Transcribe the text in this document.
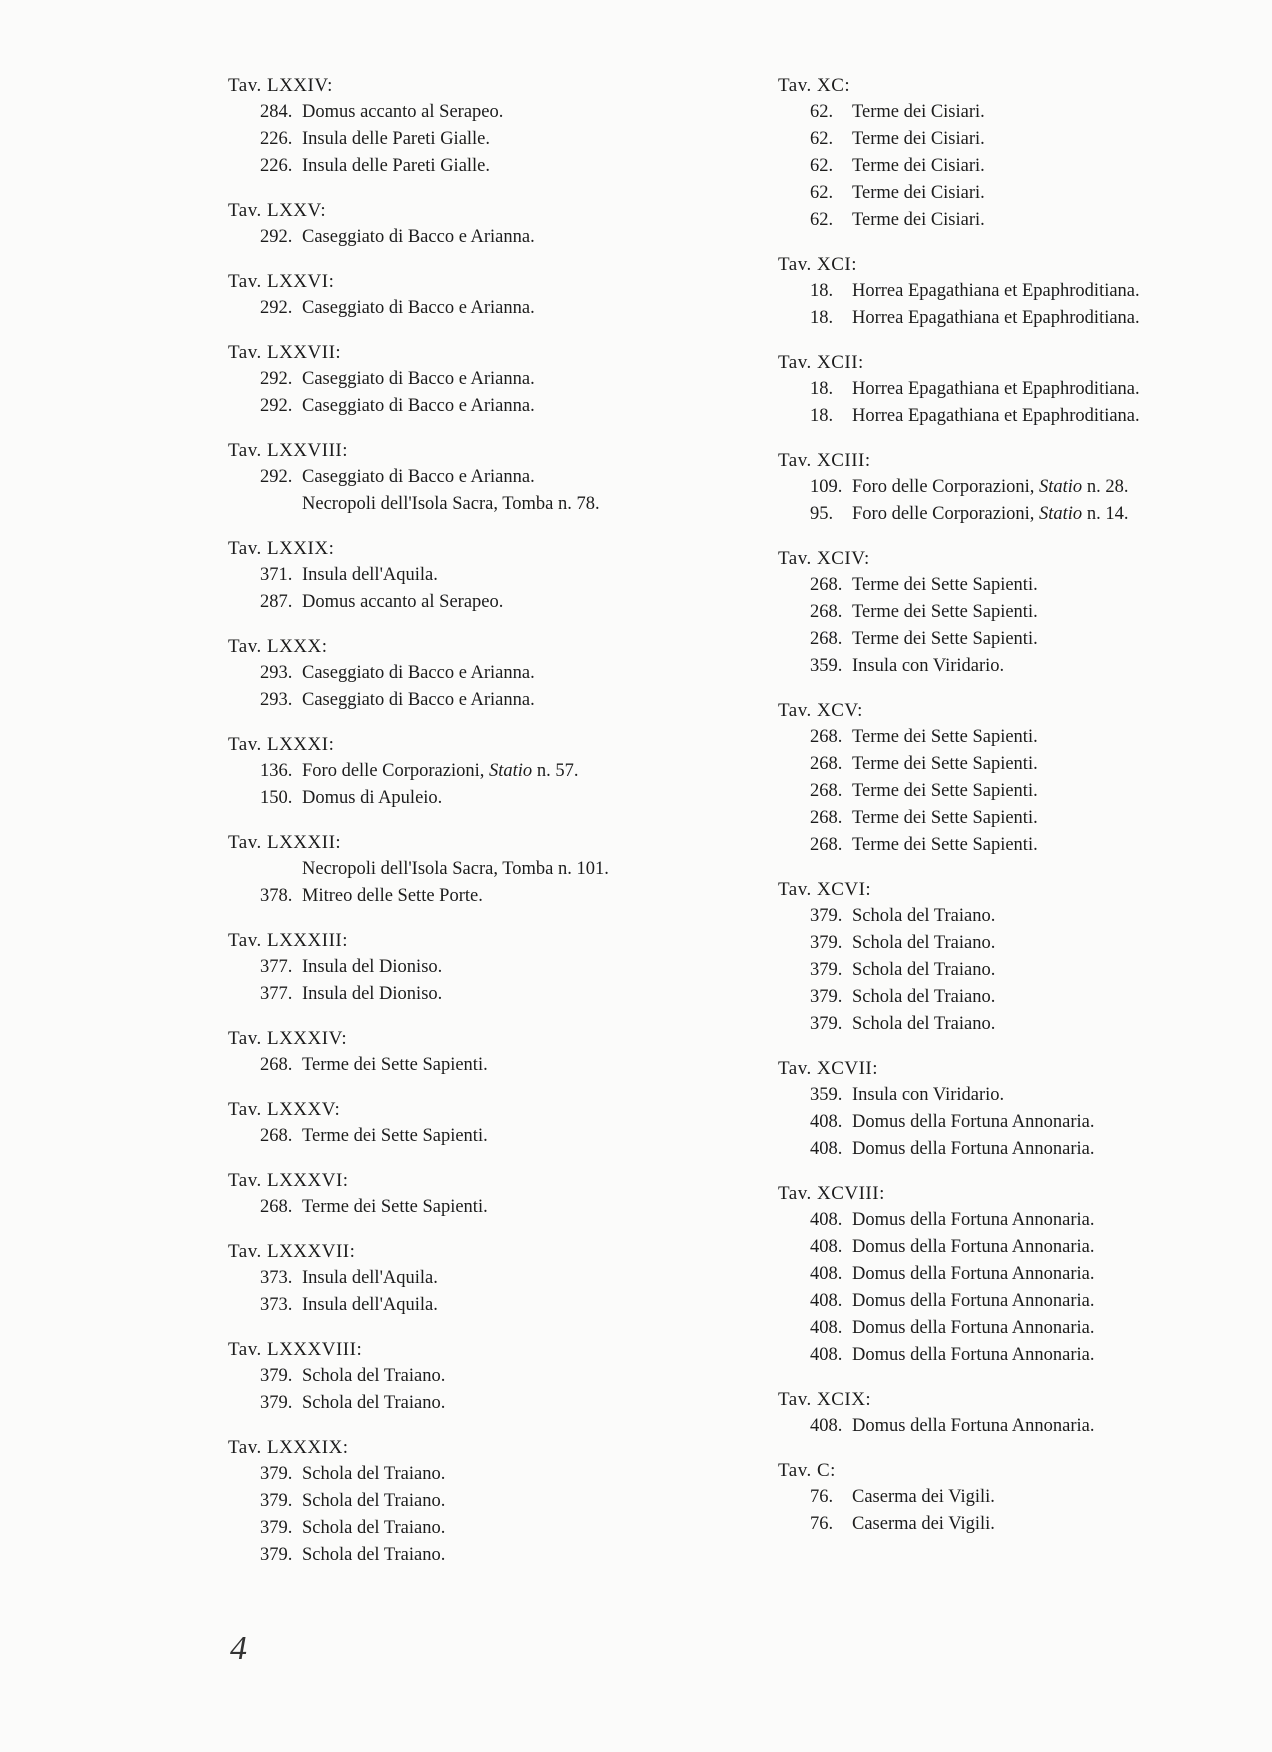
Tav. LXXIV:
284. Domus accanto al Serapeo.
226. Insula delle Pareti Gialle.
226. Insula delle Pareti Gialle.
Tav. LXXV:
292. Caseggiato di Bacco e Arianna.
Tav. LXXVI:
292. Caseggiato di Bacco e Arianna.
Tav. LXXVII:
292. Caseggiato di Bacco e Arianna.
292. Caseggiato di Bacco e Arianna.
Tav. LXXVIII:
292. Caseggiato di Bacco e Arianna.
Necropoli dell'Isola Sacra, Tomba n. 78.
Tav. LXXIX:
371. Insula dell'Aquila.
287. Domus accanto al Serapeo.
Tav. LXXX:
293. Caseggiato di Bacco e Arianna.
293. Caseggiato di Bacco e Arianna.
Tav. LXXXI:
136. Foro delle Corporazioni, Statio n. 57.
150. Domus di Apuleio.
Tav. LXXXII:
Necropoli dell'Isola Sacra, Tomba n. 101.
378. Mitreo delle Sette Porte.
Tav. LXXXIII:
377. Insula del Dioniso.
377. Insula del Dioniso.
Tav. LXXXIV:
268. Terme dei Sette Sapienti.
Tav. LXXXV:
268. Terme dei Sette Sapienti.
Tav. LXXXVI:
268. Terme dei Sette Sapienti.
Tav. LXXXVII:
373. Insula dell'Aquila.
373. Insula dell'Aquila.
Tav. LXXXVIII:
379. Schola del Traiano.
379. Schola del Traiano.
Tav. LXXXIX:
379. Schola del Traiano.
379. Schola del Traiano.
379. Schola del Traiano.
379. Schola del Traiano.
Tav. XC:
62. Terme dei Cisiari.
62. Terme dei Cisiari.
62. Terme dei Cisiari.
62. Terme dei Cisiari.
62. Terme dei Cisiari.
Tav. XCI:
18. Horrea Epagathiana et Epaphroditiana.
18. Horrea Epagathiana et Epaphroditiana.
Tav. XCII:
18. Horrea Epagathiana et Epaphroditiana.
18. Horrea Epagathiana et Epaphroditiana.
Tav. XCIII:
109. Foro delle Corporazioni, Statio n. 28.
95. Foro delle Corporazioni, Statio n. 14.
Tav. XCIV:
268. Terme dei Sette Sapienti.
268. Terme dei Sette Sapienti.
268. Terme dei Sette Sapienti.
359. Insula con Viridario.
Tav. XCV:
268. Terme dei Sette Sapienti.
268. Terme dei Sette Sapienti.
268. Terme dei Sette Sapienti.
268. Terme dei Sette Sapienti.
268. Terme dei Sette Sapienti.
Tav. XCVI:
379. Schola del Traiano.
379. Schola del Traiano.
379. Schola del Traiano.
379. Schola del Traiano.
379. Schola del Traiano.
Tav. XCVII:
359. Insula con Viridario.
408. Domus della Fortuna Annonaria.
408. Domus della Fortuna Annonaria.
Tav. XCVIII:
408. Domus della Fortuna Annonaria.
408. Domus della Fortuna Annonaria.
408. Domus della Fortuna Annonaria.
408. Domus della Fortuna Annonaria.
408. Domus della Fortuna Annonaria.
408. Domus della Fortuna Annonaria.
Tav. XCIX:
408. Domus della Fortuna Annonaria.
Tav. C:
76. Caserma dei Vigili.
76. Caserma dei Vigili.
4
